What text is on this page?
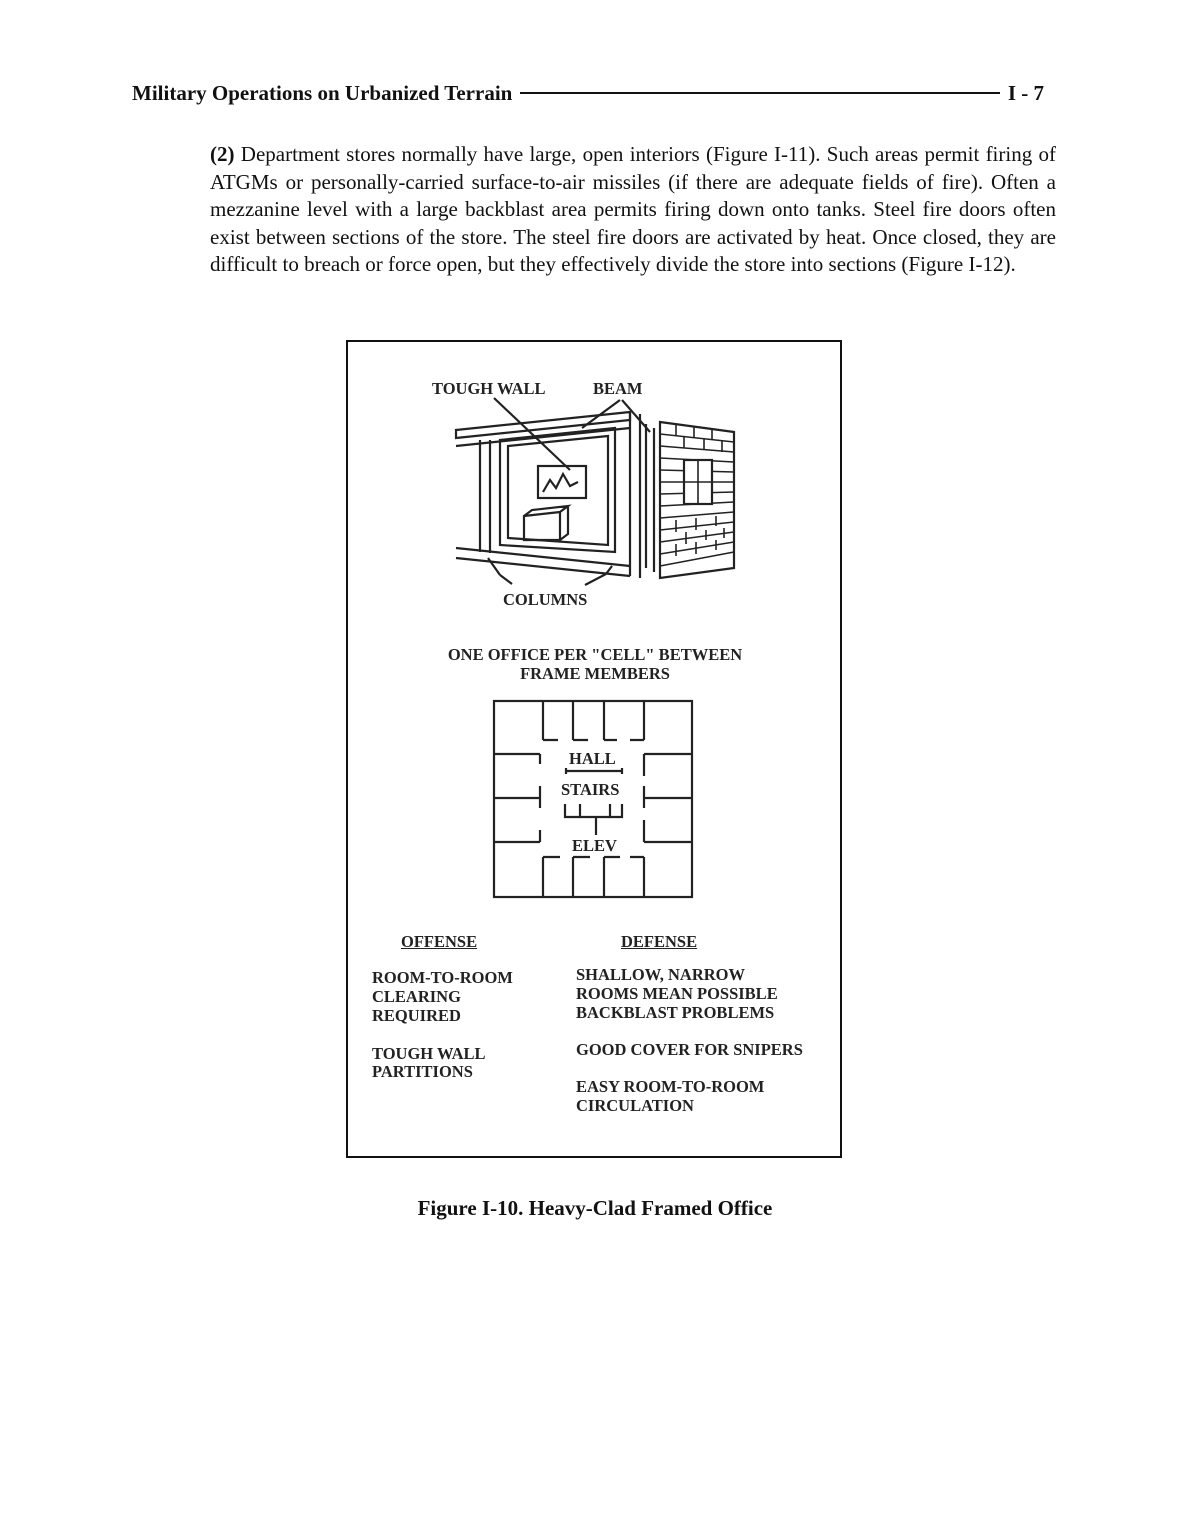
Military Operations on Urbanized Terrain	I - 7
(2) Department stores normally have large, open interiors (Figure I-11). Such areas permit firing of ATGMs or personally-carried surface-to-air missiles (if there are adequate fields of fire). Often a mezzanine level with a large backblast area permits firing down onto tanks. Steel fire doors often exist between sections of the store. The steel fire doors are activated by heat. Once closed, they are difficult to breach or force open, but they effectively divide the store into sections (Figure I-12).
TOUGH WALL	BEAM
COLUMNS
ONE OFFICE PER "CELL" BETWEEN
FRAME MEMBERS
HALL
STAIRS
ELEV
OFFENSE
ROOM-TO-ROOM
CLEARING
REQUIRED
TOUGH WALL
PARTITIONS
DEFENSE
SHALLOW, NARROW
ROOMS MEAN POSSIBLE
BACKBLAST PROBLEMS
GOOD COVER FOR SNIPERS
EASY ROOM-TO-ROOM
CIRCULATION
Figure I-10. Heavy-Clad Framed Office
